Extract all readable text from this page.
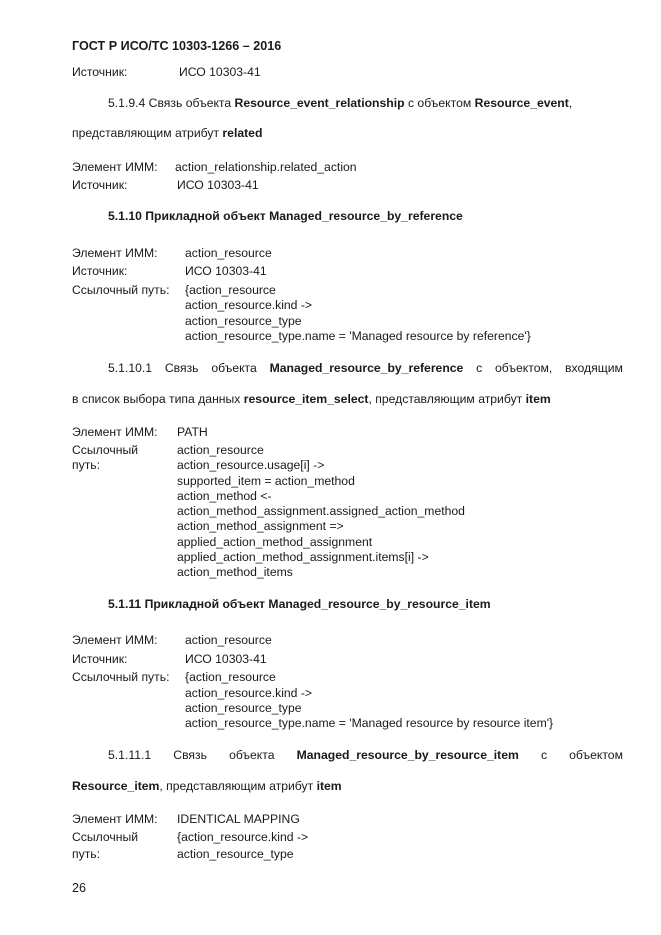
ГОСТ Р ИСО/ТС 10303-1266 – 2016
Источник:	ИСО 10303-41
5.1.9.4 Связь объекта Resource_event_relationship с объектом Resource_event,
представляющим атрибут related
Элемент ИММ: action_relationship.related_action
Источник:	ИСО 10303-41
5.1.10 Прикладной объект Managed_resource_by_reference
Элемент ИММ: action_resource
Источник:	ИСО 10303-41
Ссылочный путь: {action_resource
action_resource.kind ->
action_resource_type
action_resource_type.name = 'Managed resource by reference'}
5.1.10.1 Связь объекта Managed_resource_by_reference с объектом, входящим
в список выбора типа данных resource_item_select, представляющим атрибут item
Элемент ИММ: PATH
Ссылочный
путь:
action_resource
action_resource.usage[i] ->
supported_item = action_method
action_method <-
action_method_assignment.assigned_action_method
action_method_assignment =>
applied_action_method_assignment
applied_action_method_assignment.items[i] ->
action_method_items
5.1.11 Прикладной объект Managed_resource_by_resource_item
Элемент ИММ: action_resource
Источник:	ИСО 10303-41
Ссылочный путь: {action_resource
action_resource.kind ->
action_resource_type
action_resource_type.name = 'Managed resource by resource item'}
5.1.11.1 Связь объекта Managed_resource_by_resource_item с объектом
Resource_item, представляющим атрибут item
Элемент ИММ: IDENTICAL MAPPING
Ссылочный
путь:
{action_resource.kind ->
action_resource_type
26
